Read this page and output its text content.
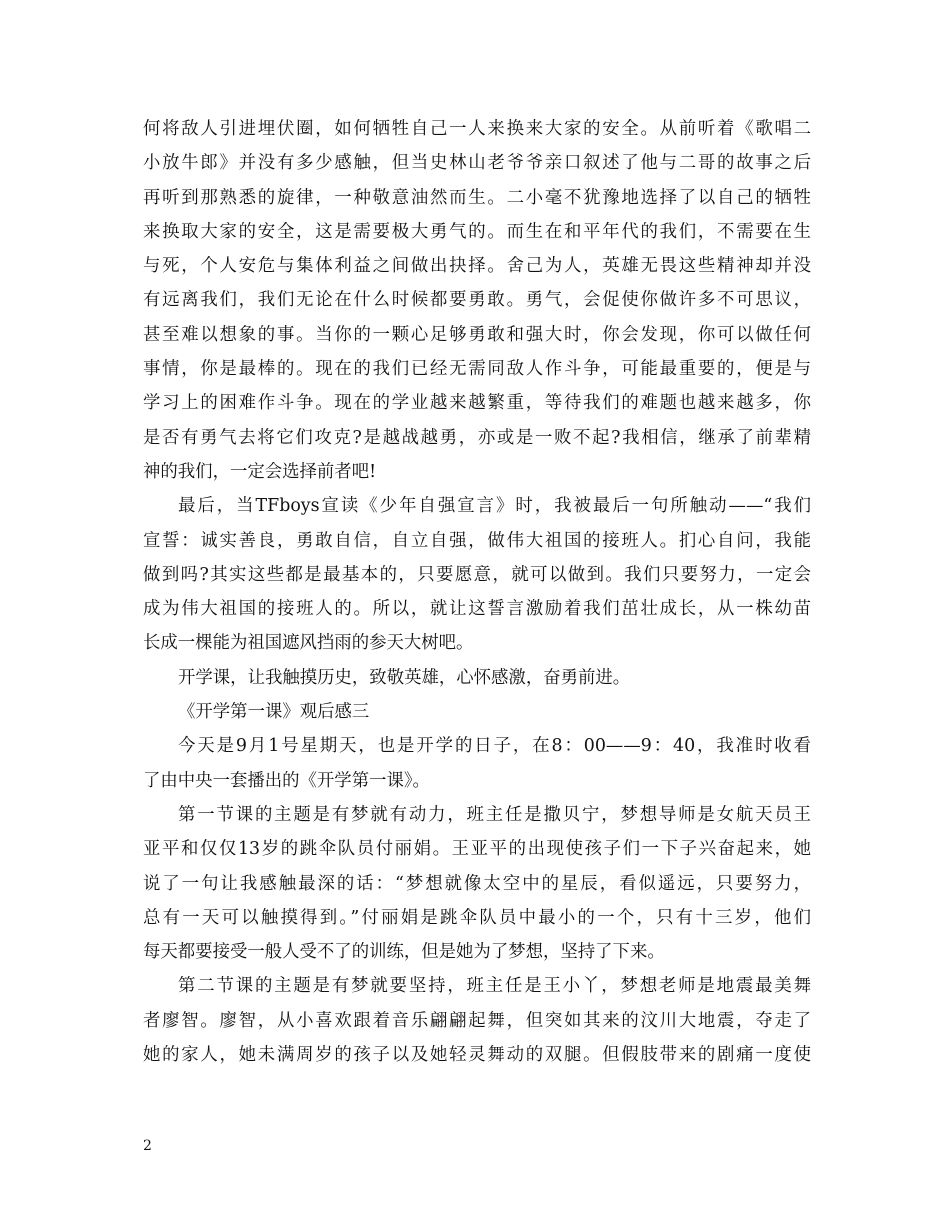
何将敌人引进埋伏圈，如何牺牲自己一人来换来大家的安全。从前听着《歌唱二
小放牛郎》并没有多少感触，但当史林山老爷爷亲口叙述了他与二哥的故事之后
再听到那熟悉的旋律，一种敬意油然而生。二小毫不犹豫地选择了以自己的牺牲
来换取大家的安全，这是需要极大勇气的。而生在和平年代的我们，不需要在生
与死，个人安危与集体利益之间做出抉择。舍己为人，英雄无畏这些精神却并没
有远离我们，我们无论在什么时候都要勇敢。勇气，会促使你做许多不可思议，
甚至难以想象的事。当你的一颗心足够勇敢和强大时，你会发现，你可以做任何
事情，你是最棒的。现在的我们已经无需同敌人作斗争，可能最重要的，便是与
学习上的困难作斗争。现在的学业越来越繁重，等待我们的难题也越来越多，你
是否有勇气去将它们攻克?是越战越勇，亦或是一败不起?我相信，继承了前辈精
神的我们，一定会选择前者吧!
最后，当TFboys宣读《少年自强宣言》时，我被最后一句所触动——“我们
宣誓：诚实善良，勇敢自信，自立自强，做伟大祖国的接班人。扪心自问，我能
做到吗?其实这些都是最基本的，只要愿意，就可以做到。我们只要努力，一定会
成为伟大祖国的接班人的。所以，就让这誓言激励着我们茁壮成长，从一株幼苗
长成一棵能为祖国遮风挡雨的参天大树吧。
开学课，让我触摸历史，致敬英雄，心怀感激，奋勇前进。
《开学第一课》观后感三
今天是9月1号星期天，也是开学的日子，在8：00——9：40，我准时收看
了由中央一套播出的《开学第一课》。
第一节课的主题是有梦就有动力，班主任是撒贝宁，梦想导师是女航天员王
亚平和仅仅13岁的跳伞队员付丽娟。王亚平的出现使孩子们一下子兴奋起来，她
说了一句让我感触最深的话：“梦想就像太空中的星辰，看似遥远，只要努力，
总有一天可以触摸得到。”付丽娟是跳伞队员中最小的一个，只有十三岁，他们
每天都要接受一般人受不了的训练，但是她为了梦想，坚持了下来。
第二节课的主题是有梦就要坚持，班主任是王小丫，梦想老师是地震最美舞
者廖智。廖智，从小喜欢跟着音乐翩翩起舞，但突如其来的汶川大地震，夺走了
她的家人，她未满周岁的孩子以及她轻灵舞动的双腿。但假肢带来的剧痛一度使
2
